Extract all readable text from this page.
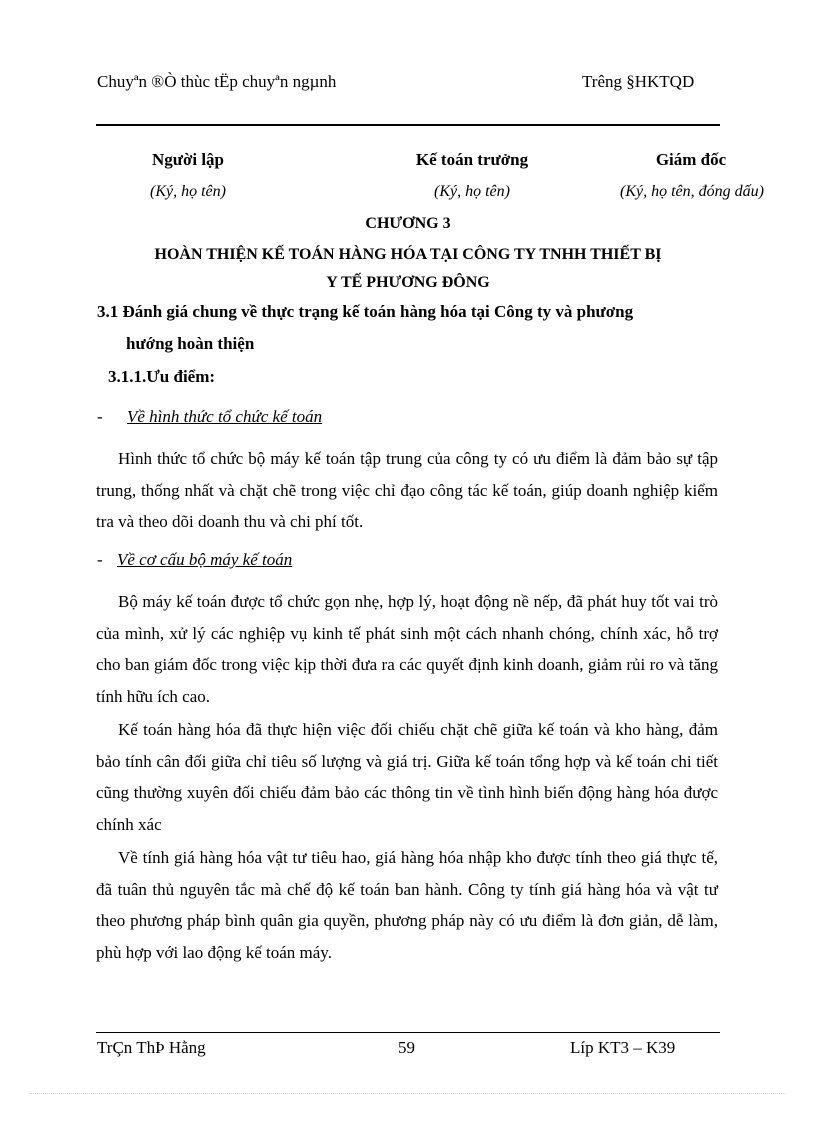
Chuyªn ®Ò thùc tËp chuyªn ngµnh	Trêng §HKTQD
Người lập	Kế toán trưởng	Giám đốc
(Ký, họ tên)	(Ký, họ tên)	(Ký, họ tên, đóng dấu)
CHƯƠNG 3
HOÀN THIỆN KẾ TOÁN HÀNG HÓA TẠI CÔNG TY TNHH THIẾT BỊ
Y TẾ PHƯƠNG ĐÔNG
3.1 Đánh giá chung về thực trạng kế toán hàng hóa tại Công ty và phương
hướng hoàn thiện
3.1.1.Ưu điểm:
- Về hình thức tổ chức kế toán

Hình thức tổ chức bộ máy kế toán tập trung của công ty có ưu điểm là đảm bảo sự tập trung, thống nhất và chặt chẽ trong việc chỉ đạo công tác kế toán, giúp doanh nghiệp kiểm tra và theo dõi doanh thu và chi phí tốt.

- Về cơ cấu bộ máy kế toán

Bộ máy kế toán được tổ chức gọn nhẹ, hợp lý, hoạt động nề nếp, đã phát huy tốt vai trò của mình, xử lý các nghiệp vụ kinh tế phát sinh một cách nhanh chóng, chính xác, hỗ trợ cho ban giám đốc trong việc kịp thời đưa ra các quyết định kinh doanh, giảm rủi ro và tăng tính hữu ích cao.

Kế toán hàng hóa đã thực hiện việc đối chiếu chặt chẽ giữa kế toán và kho hàng, đảm bảo tính cân đối giữa chỉ tiêu số lượng và giá trị. Giữa kế toán tổng hợp và kế toán chi tiết cũng thường xuyên đối chiếu đảm bảo các thông tin về tình hình biến động hàng hóa được chính xác

Về tính giá hàng hóa vật tư tiêu hao, giá hàng hóa nhập kho được tính theo giá thực tế, đã tuân thủ nguyên tắc mà chế độ kế toán ban hành. Công ty tính giá hàng hóa và vật tư theo phương pháp bình quân gia quyền, phương pháp này có ưu điểm là đơn giản, dễ làm, phù hợp với lao động kế toán máy.

TrÇn ThÞ Hằng	59	Líp KT3 – K39
